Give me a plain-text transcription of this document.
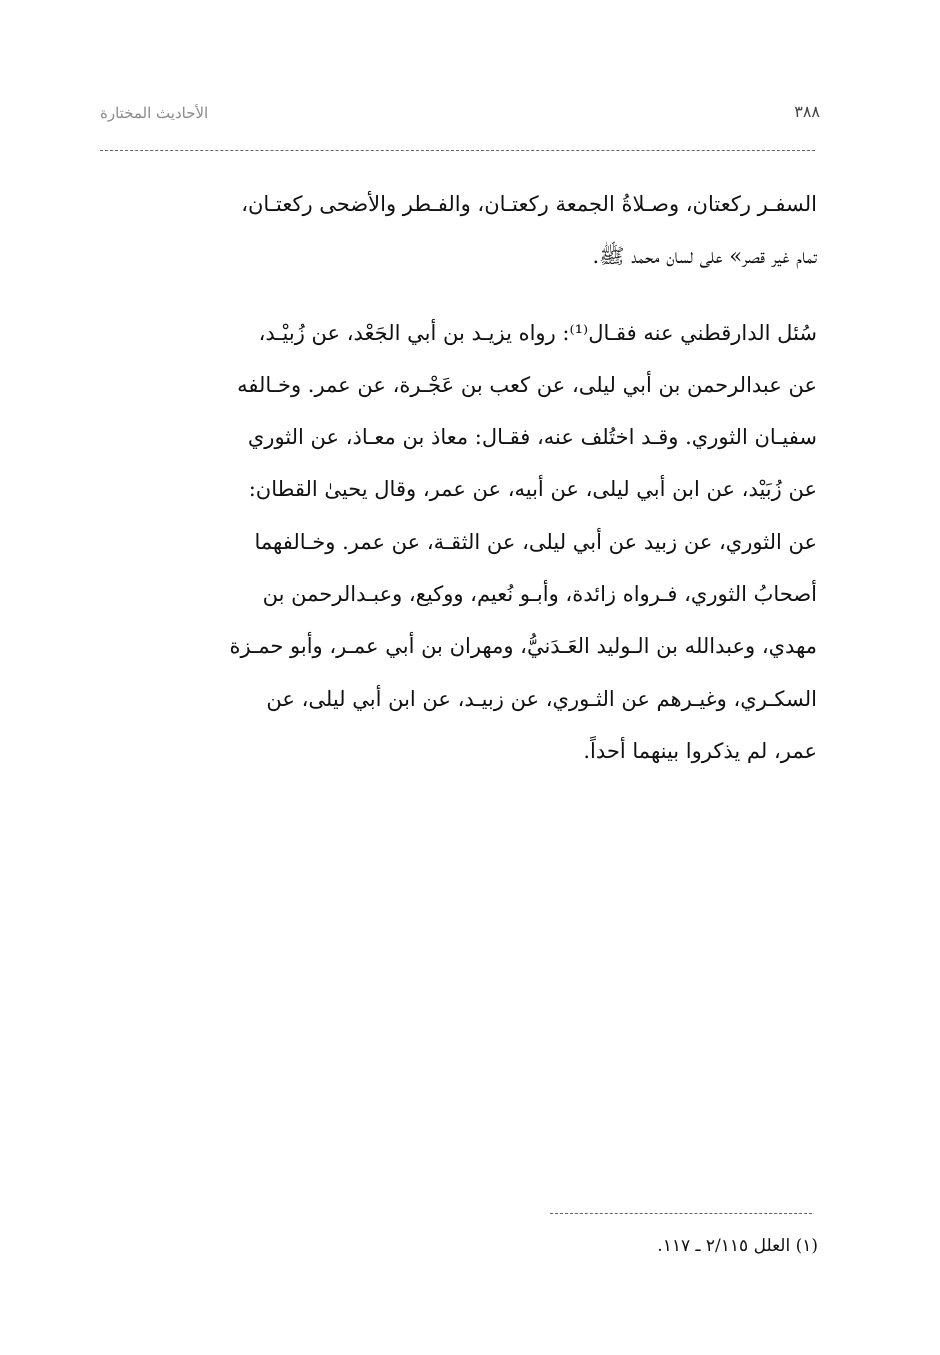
٣٨٨
الأحاديث المختارة
السفـر ركعتان، وصـلاةُ الجمعة ركعتـان، والفـطر والأضحى ركعتـان،
تمام غير قصر» على لسان محمد ﷺ.
سُئل الدارقطني عنه فقـال⁽¹⁾: رواه يزيـد بن أبي الجَعْد، عن زُبيْـد،
عن عبدالرحمن بن أبي ليلى، عن كعب بن عَجْـرة، عن عمر. وخـالفه
سفيـان الثوري. وقـد اختُلف عنه، فقـال: معاذ بن معـاذ، عن الثوري
عن زُبَيْد، عن ابن أبي ليلى، عن أبيه، عن عمر، وقال يحيىٰ القطان:
عن الثوري، عن زبيد عن أبي ليلى، عن الثقـة، عن عمر. وخـالفهما
أصحابُ الثوري، فـرواه زائدة، وأبـو نُعيم، ووكيع، وعبـدالرحمن بن
مهدي، وعبدالله بن الـوليد العَـدَنيُّ، ومهران بن أبي عمـر، وأبو حمـزة
السكـري، وغيـرهم عن الثـوري، عن زبيـد، عن ابن أبي ليلى، عن
عمر، لم يذكروا بينهما أحداً.
(١) العلل ٢/١١٥ ـ ١١٧.
